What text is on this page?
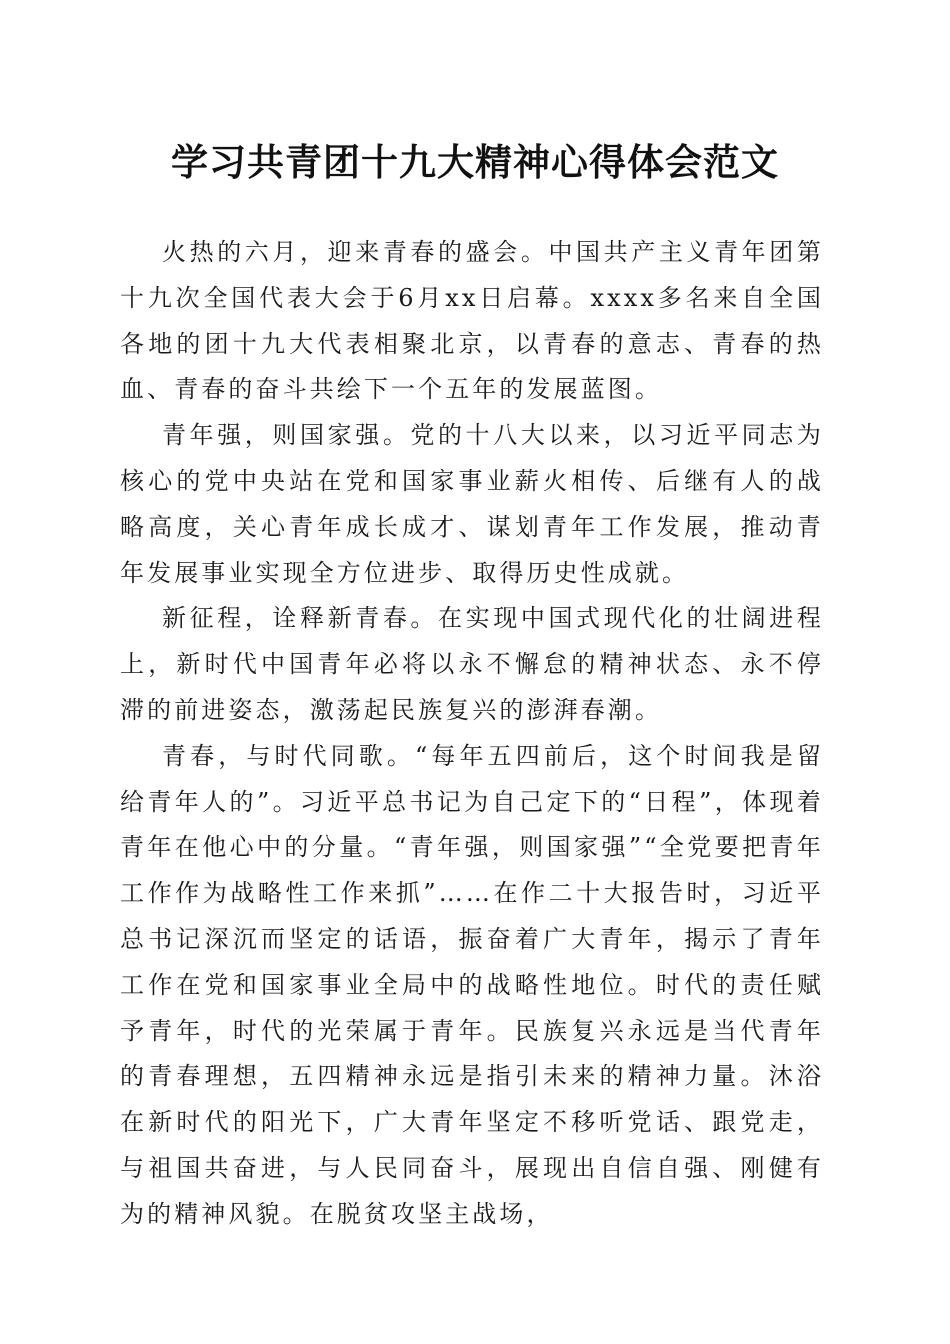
学习共青团十九大精神心得体会范文

火热的六月，迎来青春的盛会。中国共产主义青年团第十九次全国代表大会于6月xx日启幕。xxxx多名来自全国各地的团十九大代表相聚北京，以青春的意志、青春的热血、青春的奋斗共绘下一个五年的发展蓝图。

青年强，则国家强。党的十八大以来，以习近平同志为核心的党中央站在党和国家事业薪火相传、后继有人的战略高度，关心青年成长成才、谋划青年工作发展，推动青年发展事业实现全方位进步、取得历史性成就。

新征程，诠释新青春。在实现中国式现代化的壮阔进程上，新时代中国青年必将以永不懈怠的精神状态、永不停滞的前进姿态，激荡起民族复兴的澎湃春潮。

青春，与时代同歌。“每年五四前后，这个时间我是留给青年人的”。习近平总书记为自己定下的“日程”，体现着青年在他心中的分量。“青年强，则国家强”“全党要把青年工作作为战略性工作来抓”……在作二十大报告时，习近平总书记深沉而坚定的话语，振奋着广大青年，揭示了青年工作在党和国家事业全局中的战略性地位。时代的责任赋予青年，时代的光荣属于青年。民族复兴永远是当代青年的青春理想，五四精神永远是指引未来的精神力量。沐浴在新时代的阳光下，广大青年坚定不移听党话、跟党走，与祖国共奋进，与人民同奋斗，展现出自信自强、刚健有为的精神风貌。在脱贫攻坚主战场，
